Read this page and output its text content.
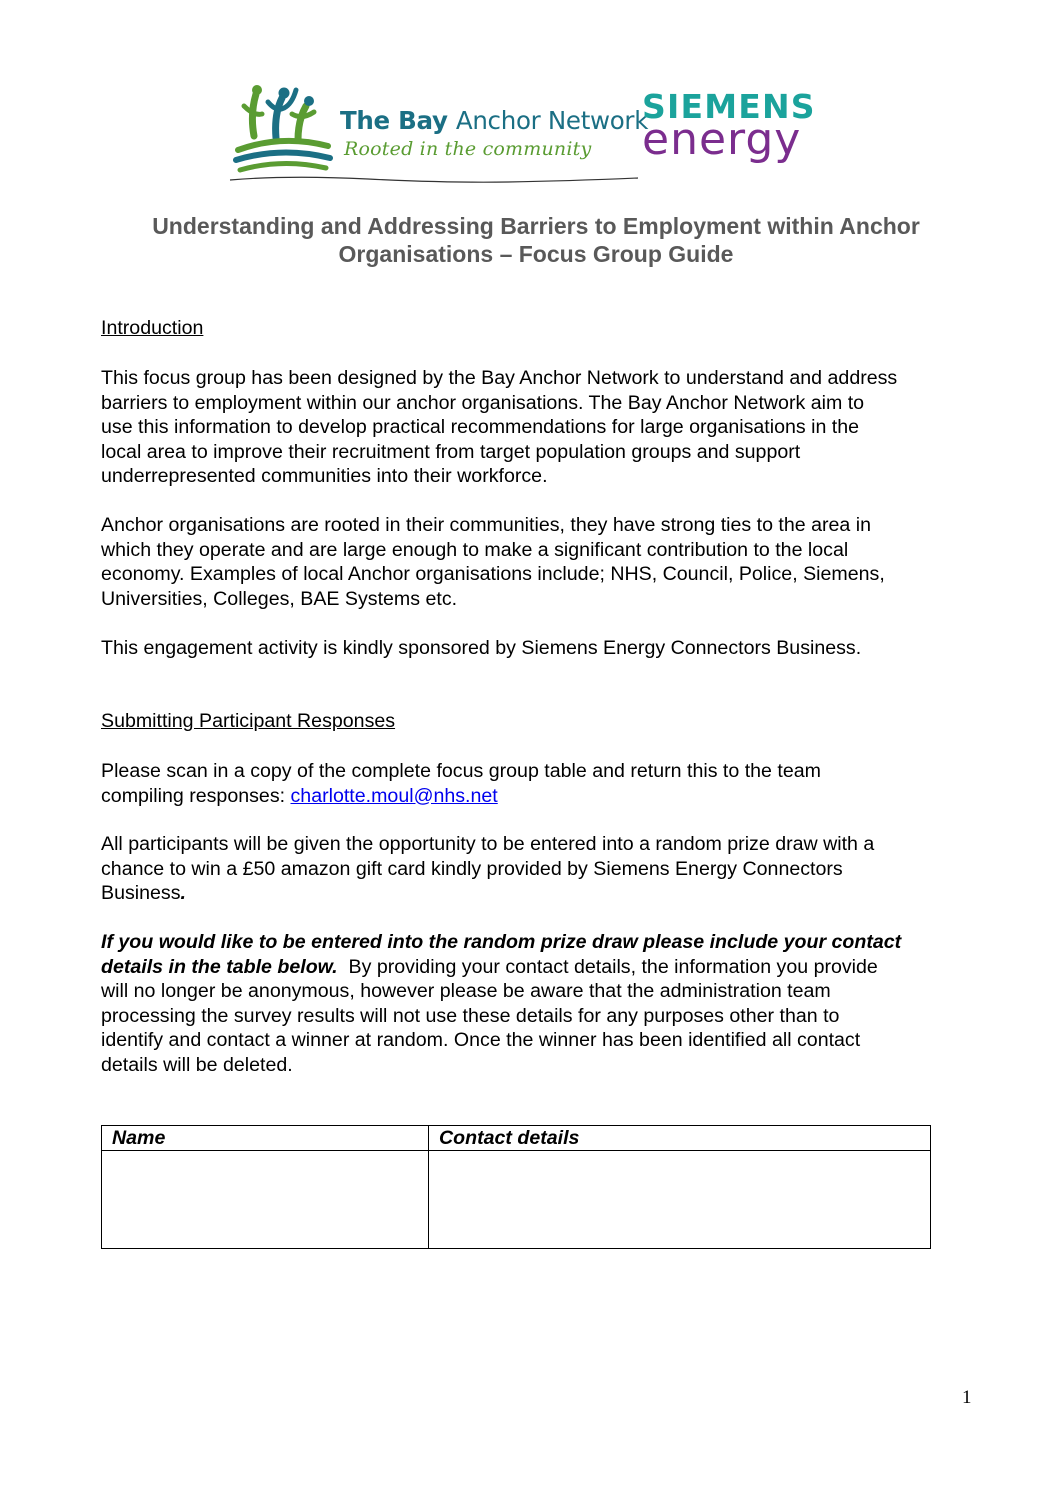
The Bay Anchor Network
Rooted in the community
SIEMENS
energy
Understanding and Addressing Barriers to Employment within Anchor
Organisations – Focus Group Guide

Introduction

This focus group has been designed by the Bay Anchor Network to understand and address
barriers to employment within our anchor organisations. The Bay Anchor Network aim to
use this information to develop practical recommendations for large organisations in the
local area to improve their recruitment from target population groups and support
underrepresented communities into their workforce.

Anchor organisations are rooted in their communities, they have strong ties to the area in
which they operate and are large enough to make a significant contribution to the local
economy. Examples of local Anchor organisations include; NHS, Council, Police, Siemens,
Universities, Colleges, BAE Systems etc.

This engagement activity is kindly sponsored by Siemens Energy Connectors Business.

Submitting Participant Responses

Please scan in a copy of the complete focus group table and return this to the team
compiling responses: charlotte.moul@nhs.net

All participants will be given the opportunity to be entered into a random prize draw with a
chance to win a £50 amazon gift card kindly provided by Siemens Energy Connectors
Business.

If you would like to be entered into the random prize draw please include your contact
details in the table below.  By providing your contact details, the information you provide
will no longer be anonymous, however please be aware that the administration team
processing the survey results will not use these details for any purposes other than to
identify and contact a winner at random. Once the winner has been identified all contact
details will be deleted.

Name	Contact details

1
